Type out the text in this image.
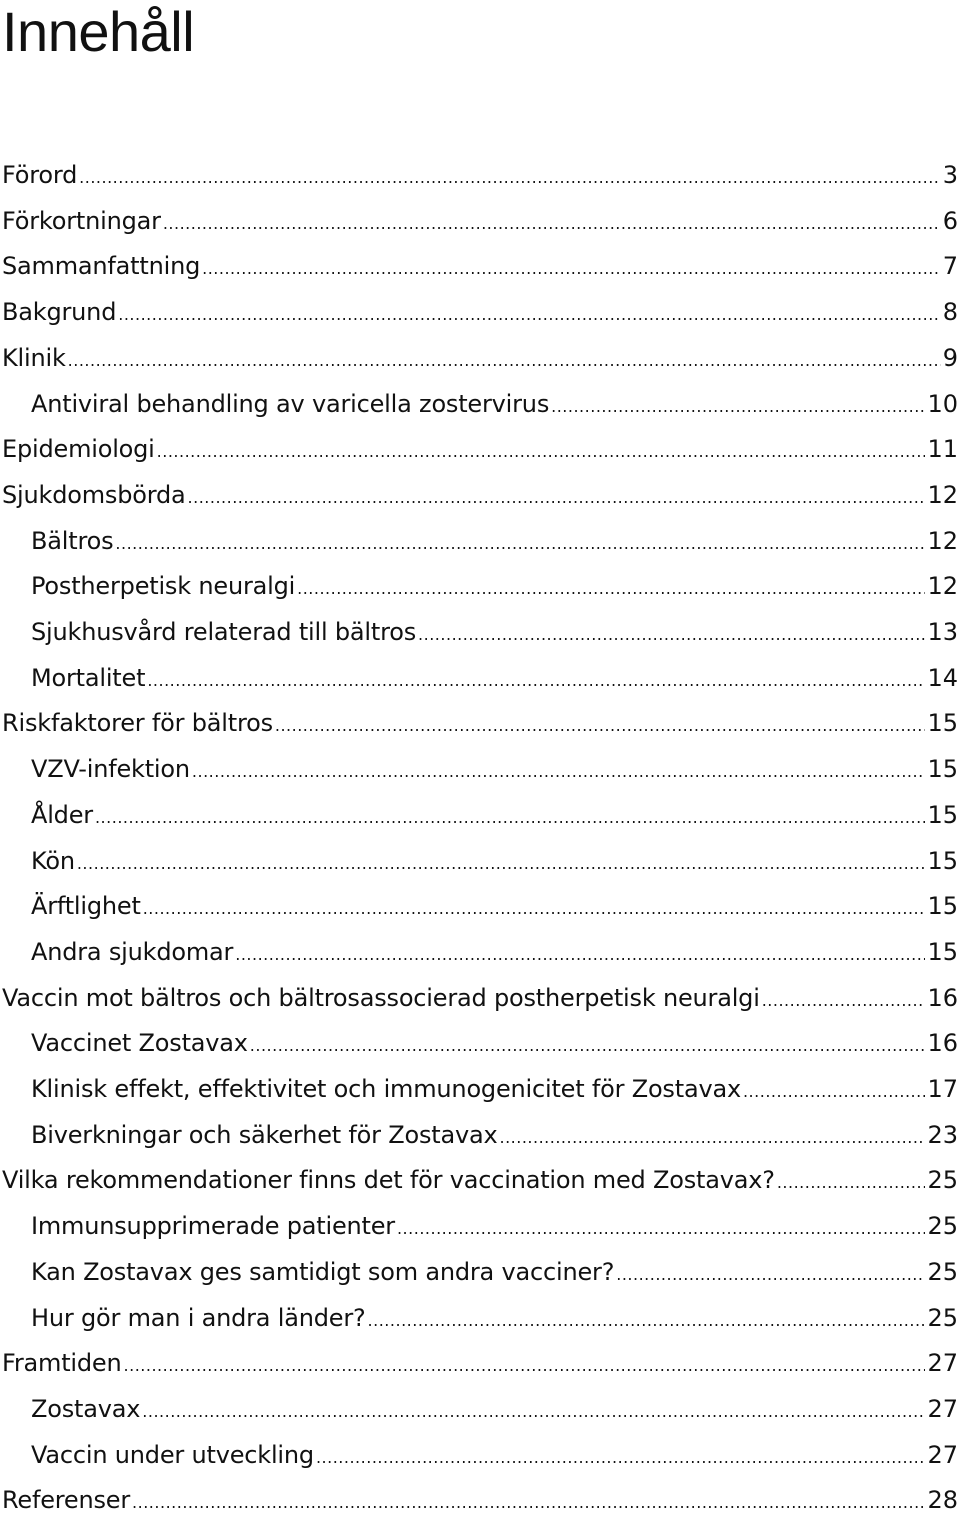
Innehåll
Förord .....	3
Förkortningar .....	6
Sammanfattning .....	7
Bakgrund .....	8
Klinik .....	9
Antiviral behandling av varicella zostervirus .....	10
Epidemiologi .....	11
Sjukdomsbörda .....	12
Bältros .....	12
Postherpetisk neuralgi .....	12
Sjukhusvård relaterad till bältros .....	13
Mortalitet .....	14
Riskfaktorer för bältros .....	15
VZV-infektion .....	15
Ålder .....	15
Kön .....	15
Ärftlighet .....	15
Andra sjukdomar .....	15
Vaccin mot bältros och bältrosassocierad postherpetisk neuralgi .....	16
Vaccinet Zostavax .....	16
Klinisk effekt, effektivitet och immunogenicitet för Zostavax .....	17
Biverkningar och säkerhet för Zostavax .....	23
Vilka rekommendationer finns det för vaccination med Zostavax? .....	25
Immunsupprimerade patienter .....	25
Kan Zostavax ges samtidigt som andra vacciner? .....	25
Hur gör man i andra länder? .....	25
Framtiden .....	27
Zostavax .....	27
Vaccin under utveckling .....	27
Referenser .....	28
